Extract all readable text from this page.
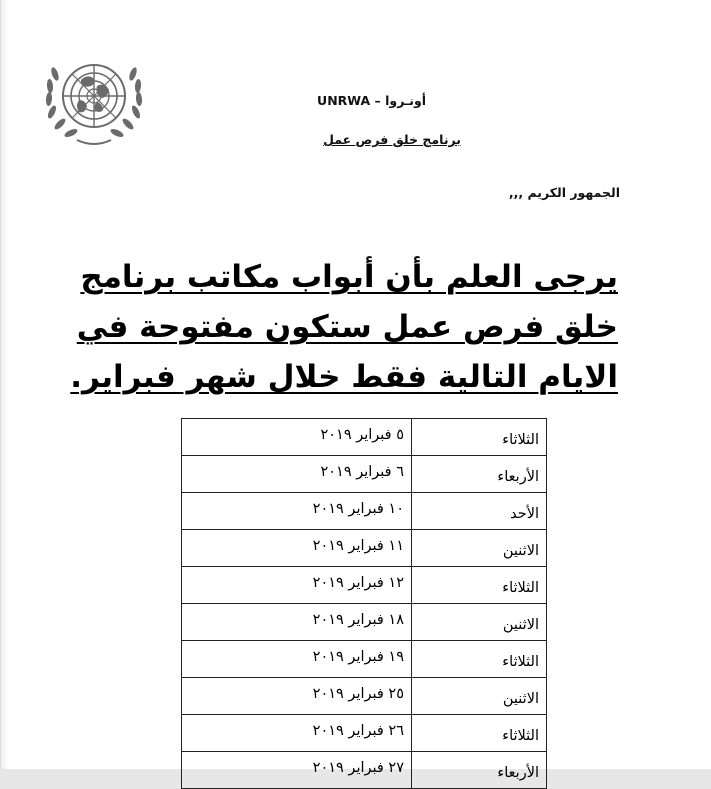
أونـروا – UNRWA
برنامج خلق فرص عمل
الجمهور الكريم ,,,
يرجى العلم بأن أبواب مكاتب برنامج
خلق فرص عمل ستكون مفتوحة في
الايام التالية فقط خلال شهر فبراير.
الثلاثاء	٥ فبراير ٢٠١٩
الأربعاء	٦ فبراير ٢٠١٩
الأحد	١٠ فبراير ٢٠١٩
الاثنين	١١ فبراير ٢٠١٩
الثلاثاء	١٢ فبراير ٢٠١٩
الاثنين	١٨ فبراير ٢٠١٩
الثلاثاء	١٩ فبراير ٢٠١٩
الاثنين	٢٥ فبراير ٢٠١٩
الثلاثاء	٢٦ فبراير ٢٠١٩
الأربعاء	٢٧ فبراير ٢٠١٩
